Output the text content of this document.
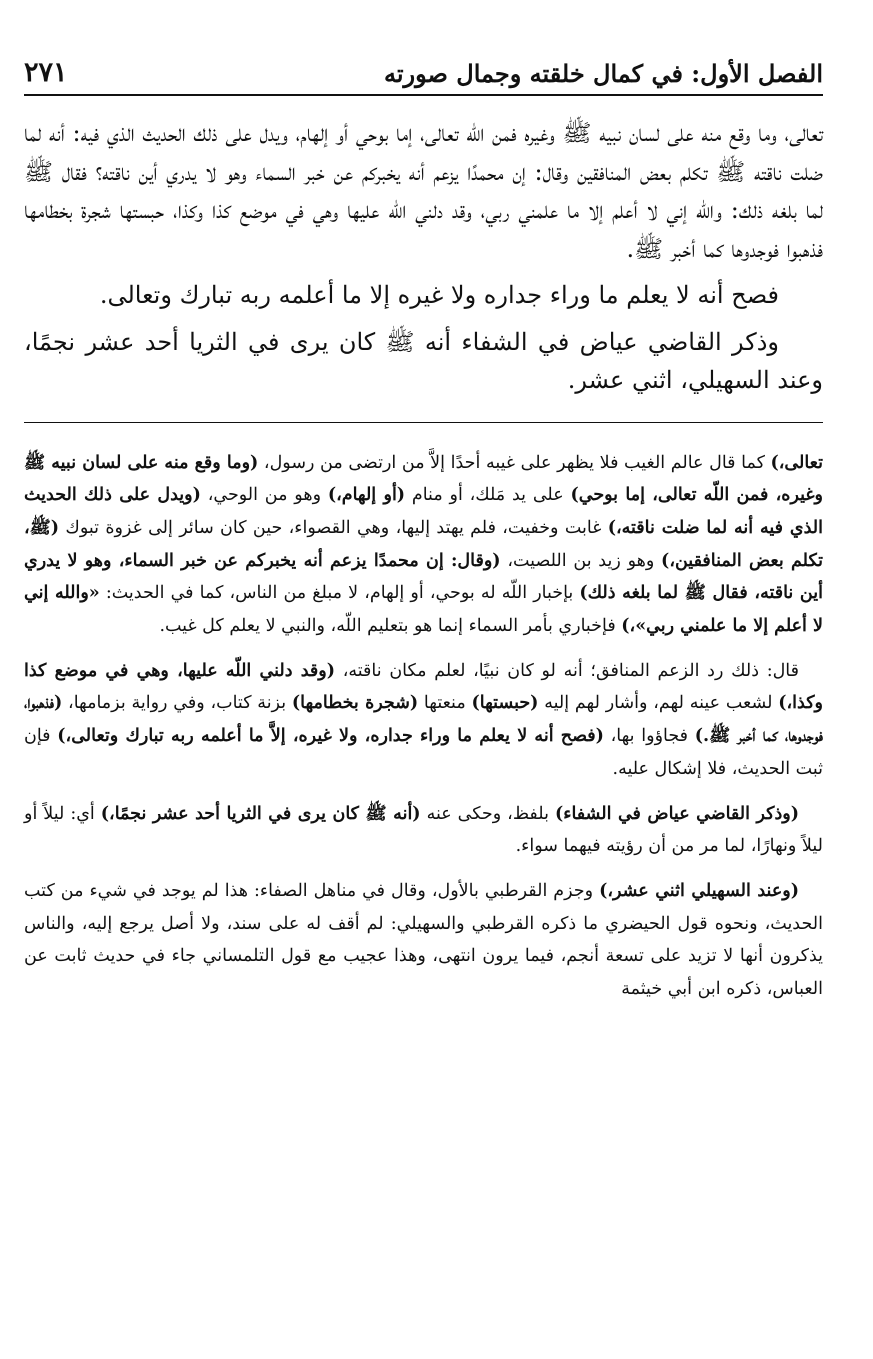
الفصل الأول: في كمال خلقته وجمال صورته
٢٧١

تعالى، وما وقع منه على لسان نبيه ﷺ وغيره فمن الله تعالى، إما بوحي أو إلهام، ويدل على ذلك الحديث الذي فيه: أنه لما ضلت ناقته ﷺ تكلم بعض المنافقين وقال: إن محمدًا يزعم أنه يخبركم عن خبر السماء وهو لا يدري أين ناقته؟ فقال ﷺ لما بلغه ذلك: والله إني لا أعلم إلا ما علمني ربي، وقد دلني الله عليها وهي في موضع كذا وكذا، حبستها شجرة بخطامها فذهبوا فوجدوها كما أخبر ﷺ.

فصح أنه لا يعلم ما وراء جداره ولا غيره إلا ما أعلمه ربه تبارك وتعالى.

وذكر القاضي عياض في الشفاء أنه ﷺ كان يرى في الثريا أحد عشر نجمًا، وعند السهيلي، اثني عشر.

تعالى،) كما قال عالم الغيب فلا يظهر على غيبه أحدًا إلاَّ من ارتضى من رسول، (وما وقع منه على لسان نبيه ﷺ وغيره، فمن اللّه تعالى، إما بوحي) على يد مَلك، أو منام (أو إلهام،) وهو من الوحي، (ويدل على ذلك الحديث الذي فيه أنه لما ضلت ناقته،) غابت وخفيت، فلم يهتد إليها، وهي القصواء، حين كان سائر إلى غزوة تبوك (ﷺ، تكلم بعض المنافقين،) وهو زيد بن اللصيت، (وقال: إن محمدًا يزعم أنه يخبركم عن خبر السماء، وهو لا يدري أين ناقته، فقال ﷺ لما بلغه ذلك) بإخبار اللّه له بوحي، أو إلهام، لا مبلغ من الناس، كما في الحديث: «والله إني لا أعلم إلا ما علمني ربي»،) فإخباري بأمر السماء إنما هو بتعليم اللّه، والنبي لا يعلم كل غيب.

قال: ذلك رد الزعم المنافق؛ أنه لو كان نبيًا، لعلم مكان ناقته، (وقد دلني اللّه عليها، وهي في موضع كذا وكذا،) لشعب عينه لهم، وأشار لهم إليه (حبستها) منعتها (شجرة بخطامها) بزنة كتاب، وفي رواية بزمامها، (فذهبوا، فوجدوها، كما أخبر ﷺ.) فجاؤوا بها، (فصح أنه لا يعلم ما وراء جداره، ولا غيره، إلاَّ ما أعلمه ربه تبارك وتعالى،) فإن ثبت الحديث، فلا إشكال عليه.

(وذكر القاضي عياض في الشفاء) بلفظ، وحكى عنه (أنه ﷺ كان يرى في الثريا أحد عشر نجمًا،) أي: ليلاً أو ليلاً ونهارًا، لما مر من أن رؤيته فيهما سواء.

(وعند السهيلي اثني عشر،) وجزم القرطبي بالأول، وقال في مناهل الصفاء: هذا لم يوجد في شيء من كتب الحديث، ونحوه قول الحيضري ما ذكره القرطبي والسهيلي: لم أقف له على سند، ولا أصل يرجع إليه، والناس يذكرون أنها لا تزيد على تسعة أنجم، فيما يرون انتهى، وهذا عجيب مع قول التلمساني جاء في حديث ثابت عن العباس، ذكره ابن أبي خيثمة
